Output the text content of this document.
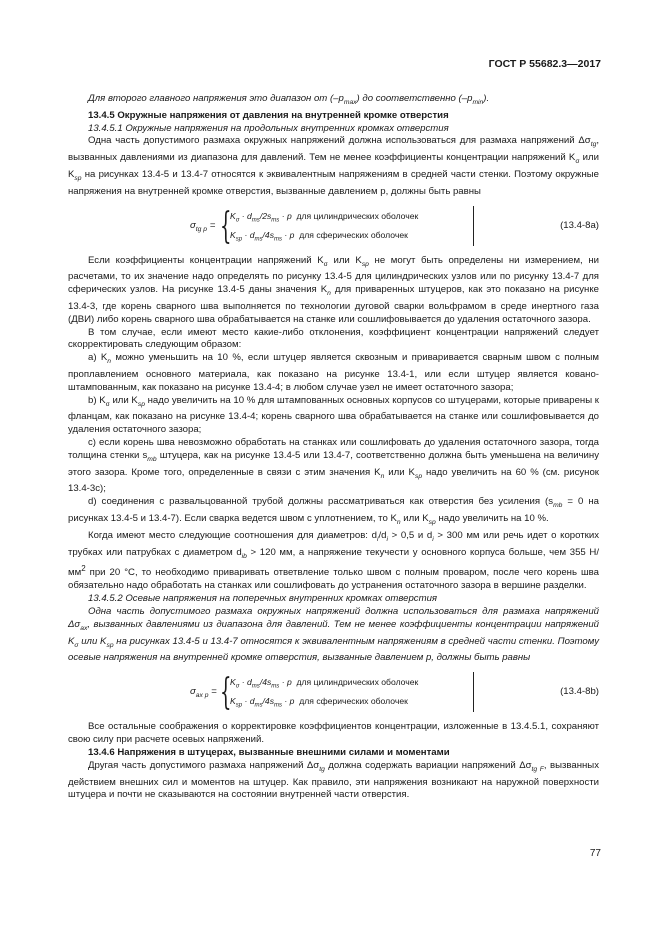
ГОСТ Р 55682.3—2017

Для второго главного напряжения это диапазон от $(-p_{max})$ до соответственно $(-p_{min})$.

13.4.5 Окружные напряжения от давления на внутренней кромке отверстия

13.4.5.1 Окружные напряжения на продольных внутренних кромках отверстия

Одна часть допустимого размаха окружных напряжений должна использоваться для размаха напряжений $\Delta\sigma_{tg}$, вызванных давлениями из диапазона для давлений. Тем не менее коэффициенты концентрации напряжений $K_\sigma$ или $K_{sp}$ на рисунках 13.4-5 и 13.4-7 относятся к эквивалентным напряжениям в средней части стенки. Поэтому окружные напряжения на внутренней кромке отверстия, вызванные давлением p, должны быть равны

$\sigma_{tg p}$ = {
$K_\sigma \cdot d_{ms}/2s_{ms} \cdot p$ для цилиндрических оболочек
$K_{sp} \cdot d_{ms}/4s_{ms} \cdot p$ для сферических оболочек
(13.4-8a)

Если коэффициенты концентрации напряжений $K_\sigma$ или $K_{sp}$ не могут быть определены ни измерением, ни расчетами, то их значение надо определять по рисунку 13.4-5 для цилиндрических узлов или по рисунку 13.4-7 для сферических узлов. На рисунке 13.4-5 даны значения $K_n$ для приваренных штуцеров, как это показано на рисунке 13.4-3, где корень сварного шва выполняется по технологии дуговой сварки вольфрамом в среде инертного газа (ДВИ) либо корень сварного шва обрабатывается на станке или сошлифовывается до удаления остаточного зазора.

В том случае, если имеют место какие-либо отклонения, коэффициент концентрации напряжений следует скорректировать следующим образом:

a) $K_n$ можно уменьшить на 10 %, если штуцер является сквозным и приваривается сварным швом с полным проплавлением основного материала, как показано на рисунке 13.4-1, или если штуцер является ковано-штампованным, как показано на рисунке 13.4-4; в любом случае узел не имеет остаточного зазора;

b) $K_\sigma$ или $K_{sp}$ надо увеличить на 10 % для штампованных основных корпусов со штуцерами, которые приварены к фланцам, как показано на рисунке 13.4-4; корень сварного шва обрабатывается на станке или сошлифовывается до удаления остаточного зазора;

c) если корень шва невозможно обработать на станках или сошлифовать до удаления остаточного зазора, тогда толщина стенки $s_{mb}$ штуцера, как на рисунке 13.4-5 или 13.4-7, соответственно должна быть уменьшена на величину этого зазора. Кроме того, определенные в связи с этим значения $K_n$ или $K_{sp}$ надо увеличить на 60 % (см. рисунок 13.4-3c);

d) соединения с развальцованной трубой должны рассматриваться как отверстия без усиления ($s_{mb} = 0$ на рисунках 13.4-5 и 13.4-7). Если сварка ведется швом с уплотнением, то $K_n$ или $K_{sp}$ надо увеличить на 10 %.

Когда имеют место следующие соотношения для диаметров: $d_i/d_i > 0,5$ и $d_i > 300$ мм или речь идет о коротких трубках или патрубках с диаметром $d_{ib} > 120$ мм, а напряжение текучести у основного корпуса больше, чем 355 $Н/мм^2$ при 20 °C, то необходимо приваривать ответвление только швом с полным проваром, после чего корень шва обязательно надо обработать на станках или сошлифовать до устранения остаточного зазора в вершине разделки.

13.4.5.2 Осевые напряжения на поперечных внутренних кромках отверстия

Одна часть допустимого размаха окружных напряжений должна использоваться для размаха напряжений $\Delta\sigma_{ax}$, вызванных давлениями из диапазона для давлений. Тем не менее коэффициенты концентрации напряжений $K_\sigma$ или $K_{sp}$ на рисунках 13.4-5 и 13.4-7 относятся к эквивалентным напряжениям в средней части стенки. Поэтому осевые напряжения на внутренней кромке отверстия, вызванные давлением p, должны быть равны

$\sigma_{ax p}$ = {
$K_\sigma \cdot d_{ms}/4s_{ms} \cdot p$ для цилиндрических оболочек
$K_{sp} \cdot d_{ms}/4s_{ms} \cdot p$ для сферических оболочек
(13.4-8b)

Все остальные соображения о корректировке коэффициентов концентрации, изложенные в 13.4.5.1, сохраняют свою силу при расчете осевых напряжений.

13.4.6 Напряжения в штуцерах, вызванные внешними силами и моментами

Другая часть допустимого размаха напряжений $\Delta\sigma_{tg}$ должна содержать вариации напряжений $\Delta\sigma_{tg F}$, вызванных действием внешних сил и моментов на штуцер. Как правило, эти напряжения возникают на наружной поверхности штуцера и почти не сказываются на состоянии внутренней части отверстия.

77
